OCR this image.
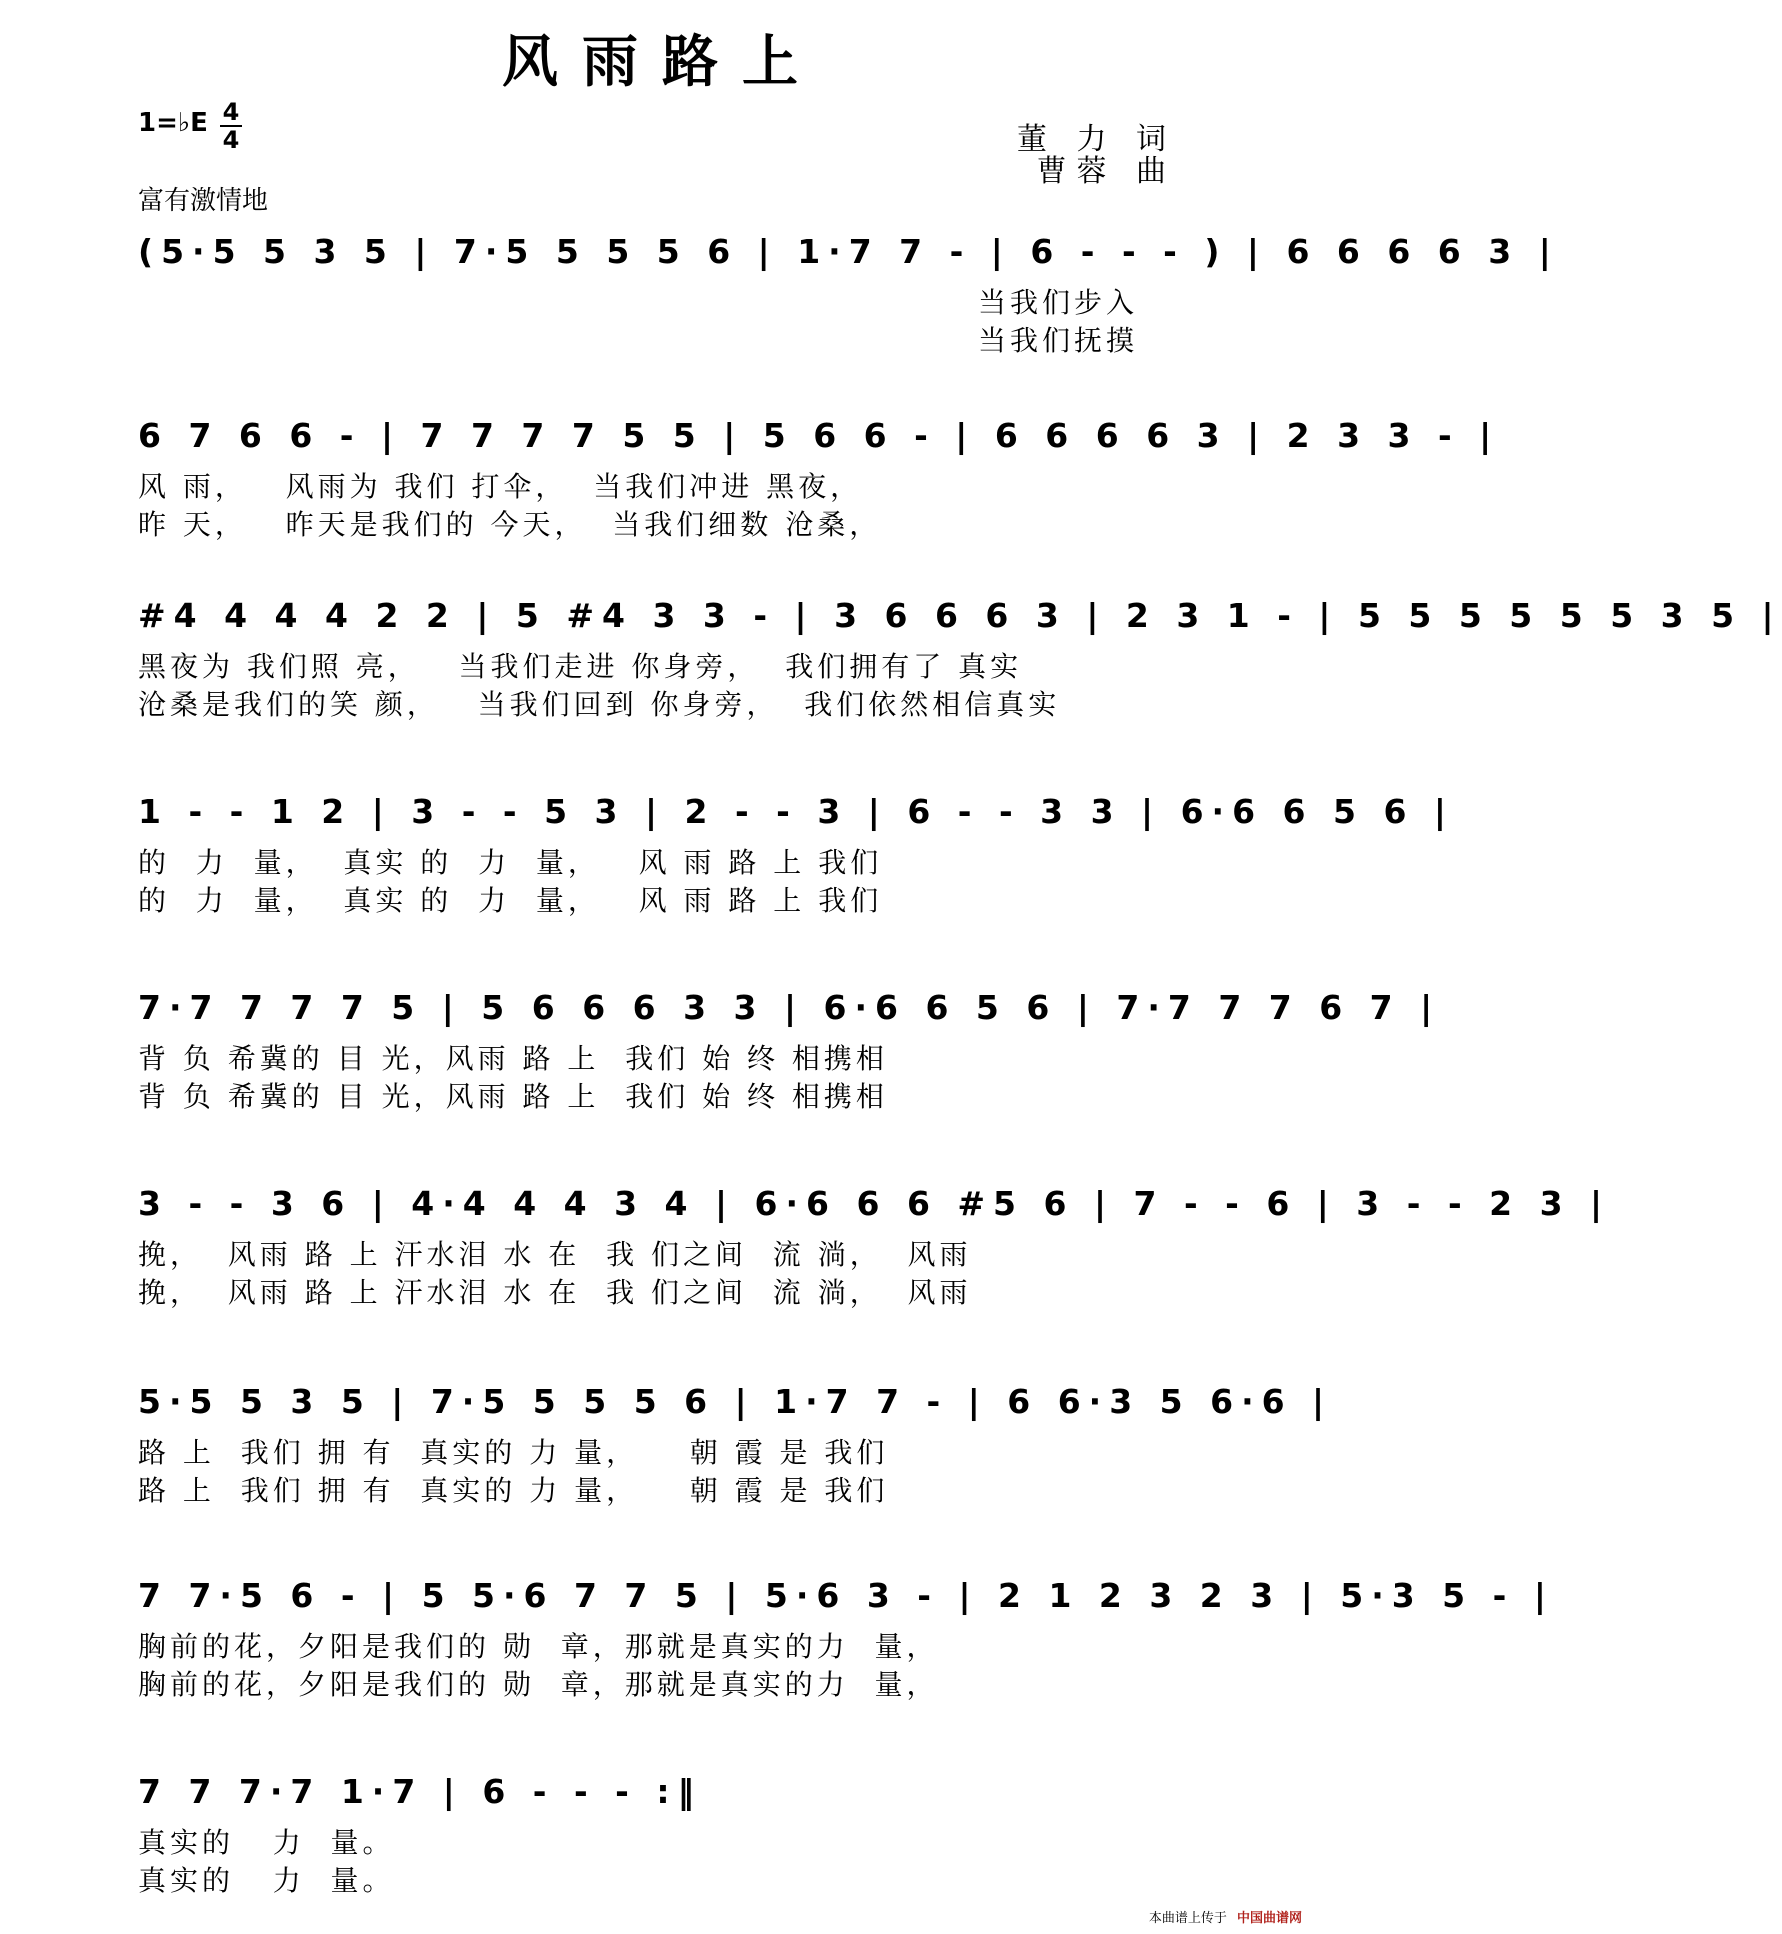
风雨路上
1=♭E 4
4	董 力 词
曹蓉 曲
富有激情地
(5·5 5 3 5 | 7·5 5 5 5 6 | 1·7 7 - | 6 - - - ) | 6 6 6 6 3 |
当我们步入
当我们抚摸
6 7 6 6 - | 7 7 7 7 5 5 | 5 6 6 - | 6 6 6 6 3 | 2 3 3 - |
风 雨，   风雨为 我们 打伞，  当我们冲进 黑夜，
昨 天，   昨天是我们的 今天，  当我们细数 沧桑，
#4 4 4 4 2 2 | 5 #4 3 3 - | 3 6 6 6 3 | 2 3 1 - | 5 5 5 5 5 5 3 5 |
黑夜为 我们照 亮，   当我们走进 你身旁，  我们拥有了 真实
沧桑是我们的笑 颜，   当我们回到 你身旁，  我们依然相信真实
1 - - 1 2 | 3 - - 5 3 | 2 - - 3 | 6 - - 3 3 | 6·6 6 5 6 |
的  力  量，  真实 的  力  量，   风 雨 路 上 我们
的  力  量，  真实 的  力  量，   风 雨 路 上 我们
7·7 7 7 7 5 | 5 6 6 6 3 3 | 6·6 6 5 6 | 7·7 7 7 6 7 |
背 负 希冀的 目 光，风雨 路 上  我们 始 终 相携相
背 负 希冀的 目 光，风雨 路 上  我们 始 终 相携相
3 - - 3 6 | 4·4 4 4 3 4 | 6·6 6 6 #5 6 | 7 - - 6 | 3 - - 2 3 |
挽，  风雨 路 上 汗水泪 水 在  我 们之间  流 淌，  风雨
挽，  风雨 路 上 汗水泪 水 在  我 们之间  流 淌，  风雨
5·5 5 3 5 | 7·5 5 5 5 6 | 1·7 7 - | 6 6·3 5 6·6 |
路 上  我们 拥 有  真实的 力 量，    朝 霞 是 我们
路 上  我们 拥 有  真实的 力 量，    朝 霞 是 我们
7 7·5 6 - | 5 5·6 7 7 5 | 5·6 3 - | 2 1 2 3 2 3 | 5·3 5 - |
胸前的花，夕阳是我们的 勋  章，那就是真实的力  量，
胸前的花，夕阳是我们的 勋  章，那就是真实的力  量，
7 7 7·7 1·7 | 6 - - - :‖
真实的   力  量。
真实的   力  量。
本曲谱上传于 中国曲谱网
